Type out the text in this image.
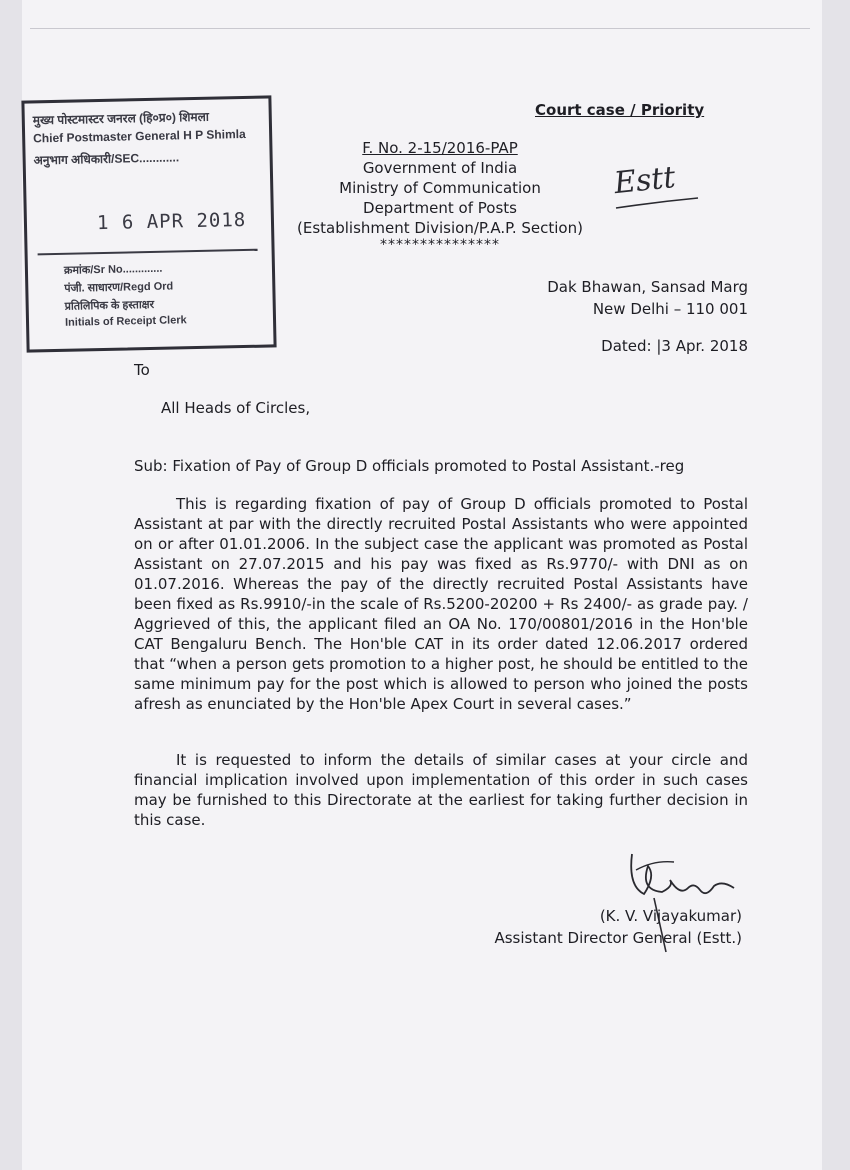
मुख्य पोस्टमास्टर जनरल (हि०प्र०) शिमला
Chief Postmaster General H P Shimla
अनुभाग अधिकारी/SEC............
1 6 APR 2018
क्रमांक/Sr No.............
पंजी. साधारण/Regd Ord
प्रतिलिपिक के हस्ताक्षर
Initials of Receipt Clerk
Court case / Priority
F. No. 2-15/2016-PAP
Government of India
Ministry of Communication
Department of Posts
(Establishment Division/P.A.P. Section)
***************
Estt
Dak Bhawan, Sansad Marg
New Delhi – 110 001
Dated: |3 Apr. 2018
To
All Heads of Circles,
Sub: Fixation of Pay of Group D officials promoted to Postal Assistant.-reg
This is regarding fixation of pay of Group D officials promoted to Postal Assistant at par with the directly recruited Postal Assistants who were appointed on or after 01.01.2006. In the subject case the applicant was promoted as Postal Assistant on 27.07.2015 and his pay was fixed as Rs.9770/- with DNI as on 01.07.2016. Whereas the pay of the directly recruited Postal Assistants have been fixed as Rs.9910/-in the scale of Rs.5200-20200 + Rs 2400/- as grade pay. / Aggrieved of this, the applicant filed an OA No. 170/00801/2016 in the Hon'ble CAT Bengaluru Bench. The Hon'ble CAT in its order dated 12.06.2017 ordered that “when a person gets promotion to a higher post, he should be entitled to the same minimum pay for the post which is allowed to person who joined the posts afresh as enunciated by the Hon'ble Apex Court in several cases.”
It is requested to inform the details of similar cases at your circle and financial implication involved upon implementation of this order in such cases may be furnished to this Directorate at the earliest for taking further decision in this case.
(K. V. Vijayakumar)
Assistant Director General (Estt.)
